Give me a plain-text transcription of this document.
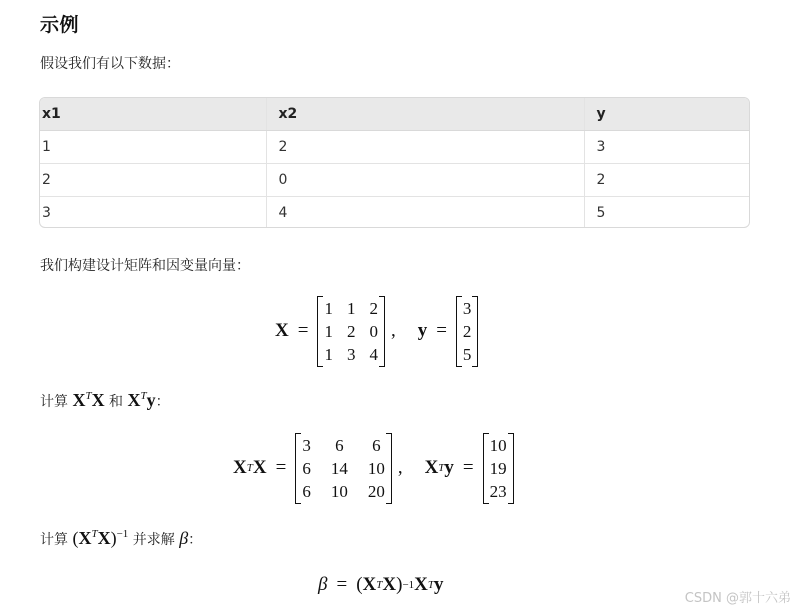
示例
假设我们有以下数据：
x1	x2	y
1	2	3
2	0	2
3	4	5
我们构建设计矩阵和因变量向量：
X =
1 1 2
1 2 0
1 3 4
, y =
3
2
5
计算 $X^TX$ 和 $X^Ty$：
X T X =
3 6 6
6 14 10
6 10 20
, X T y =
10
19
23
计算 $(X^TX)^{-1}$ 并求解 β：
β = ( X T X ) −1 X T y
CSDN @郭十六弟
